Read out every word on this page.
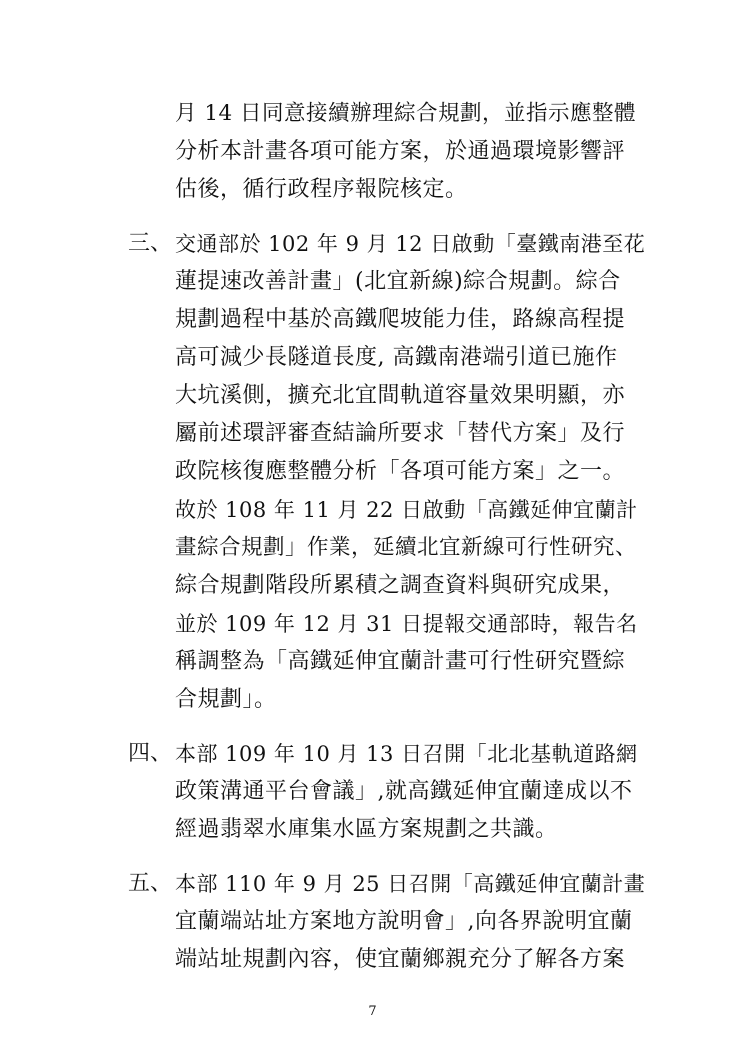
月 14 日同意接續辦理綜合規劃，並指示應整體
分析本計畫各項可能方案，於通過環境影響評
估後，循行政程序報院核定。
三、 交通部於 102 年 9 月 12 日啟動「臺鐵南港至花
蓮提速改善計畫」(北宜新線)綜合規劃。綜合
規劃過程中基於高鐵爬坡能力佳，路線高程提
高可減少長隧道長度, 高鐵南港端引道已施作
大坑溪側，擴充北宜間軌道容量效果明顯，亦
屬前述環評審查結論所要求「替代方案」及行
政院核復應整體分析「各項可能方案」之一。
故於 108 年 11 月 22 日啟動「高鐵延伸宜蘭計
畫綜合規劃」作業，延續北宜新線可行性研究、
綜合規劃階段所累積之調查資料與研究成果，
並於 109 年 12 月 31 日提報交通部時，報告名
稱調整為「高鐵延伸宜蘭計畫可行性研究暨綜
合規劃」。
四、 本部 109 年 10 月 13 日召開「北北基軌道路網
政策溝通平台會議」,就高鐵延伸宜蘭達成以不
經過翡翠水庫集水區方案規劃之共識。
五、 本部 110 年 9 月 25 日召開「高鐵延伸宜蘭計畫
宜蘭端站址方案地方說明會」,向各界說明宜蘭
端站址規劃內容，使宜蘭鄉親充分了解各方案
7
